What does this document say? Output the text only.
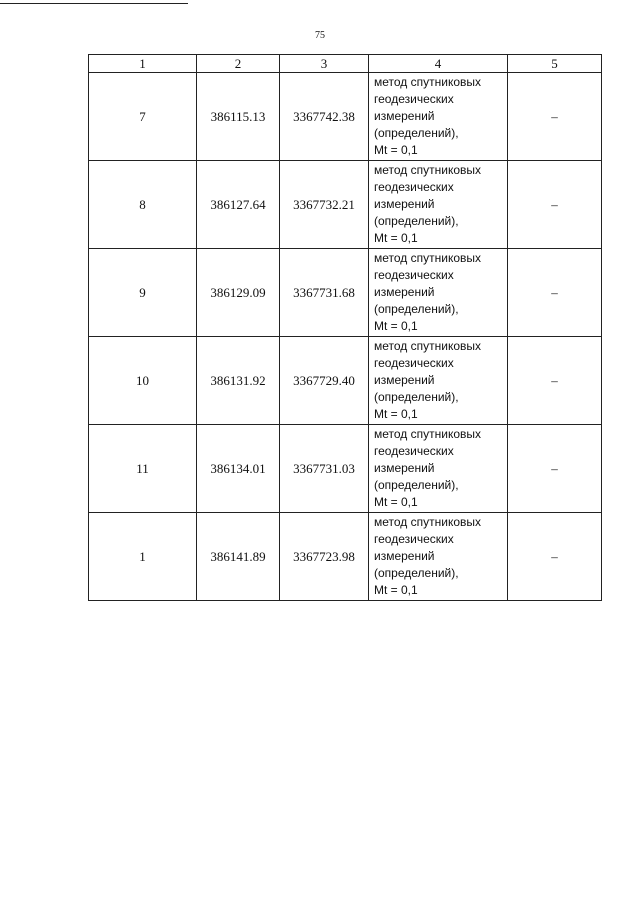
75
1	2	3	4	5
7	386115.13	3367742.38	метод спутниковых
геодезических
измерений
(определений),
Mt = 0,1	–
8	386127.64	3367732.21	метод спутниковых
геодезических
измерений
(определений),
Mt = 0,1	–
9	386129.09	3367731.68	метод спутниковых
геодезических
измерений
(определений),
Mt = 0,1	–
10	386131.92	3367729.40	метод спутниковых
геодезических
измерений
(определений),
Mt = 0,1	–
11	386134.01	3367731.03	метод спутниковых
геодезических
измерений
(определений),
Mt = 0,1	–
1	386141.89	3367723.98	метод спутниковых
геодезических
измерений
(определений),
Mt = 0,1	–
